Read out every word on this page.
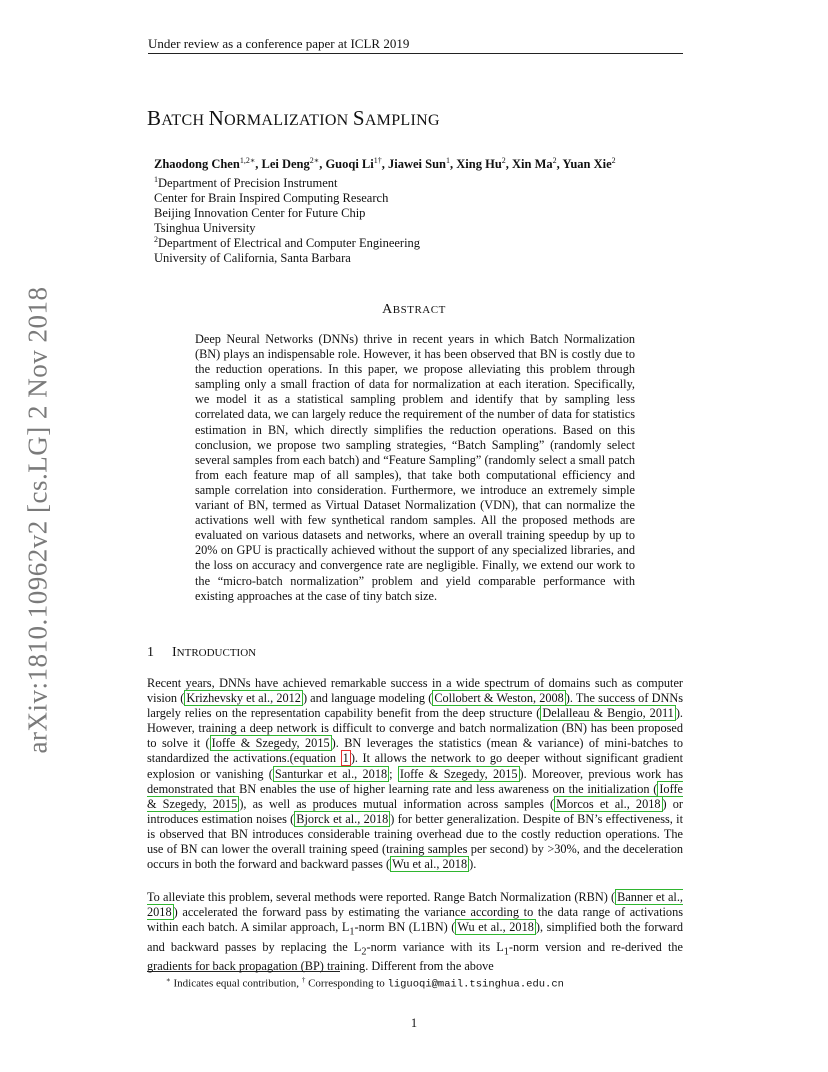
Under review as a conference paper at ICLR 2019
arXiv:1810.10962v2 [cs.LG] 2 Nov 2018
BATCH NORMALIZATION SAMPLING
Zhaodong Chen$^{1,2∗}$, Lei Deng$^{2∗}$, Guoqi $Li^{1\dagger}$, Jiawei Sun$^1$, Xing Hu$^2$, Xin Ma$^2$, Yuan Xie$^2$
$^1$Department of Precision Instrument
Center for Brain Inspired Computing Research
Beijing Innovation Center for Future Chip
Tsinghua University
$^2$Department of Electrical and Computer Engineering
University of California, Santa Barbara
ABSTRACT
Deep Neural Networks (DNNs) thrive in recent years in which Batch Normalization (BN) plays an indispensable role. However, it has been observed that BN is costly due to the reduction operations. In this paper, we propose alleviating this problem through sampling only a small fraction of data for normalization at each iteration. Specifically, we model it as a statistical sampling problem and identify that by sampling less correlated data, we can largely reduce the requirement of the number of data for statistics estimation in BN, which directly simplifies the reduction operations. Based on this conclusion, we propose two sampling strategies, “Batch Sampling” (randomly select several samples from each batch) and “Feature Sampling” (randomly select a small patch from each feature map of all samples), that take both computational efficiency and sample correlation into consideration. Furthermore, we introduce an extremely simple variant of BN, termed as Virtual Dataset Normalization (VDN), that can normalize the activations well with few synthetical random samples. All the proposed methods are evaluated on various datasets and networks, where an overall training speedup by up to 20% on GPU is practically achieved without the support of any specialized libraries, and the loss on accuracy and convergence rate are negligible. Finally, we extend our work to the “micro-batch normalization” problem and yield comparable performance with existing approaches at the case of tiny batch size.
1 INTRODUCTION
Recent years, DNNs have achieved remarkable success in a wide spectrum of domains such as computer vision ( Krizhevsky et al., 2012 ) and language modeling ( Collobert & Weston, 2008 ). The success of DNNs largely relies on the representation capability benefit from the deep structure ( Delalleau & Bengio, 2011 ). However, training a deep network is difficult to converge and batch normalization (BN) has been proposed to solve it ( Ioffe & Szegedy, 2015 ). BN leverages the statistics (mean & variance) of mini-batches to standardized the activations.(equation 1 ). It allows the network to go deeper without significant gradient explosion or vanishing ( Santurkar et al., 2018 ; Ioffe & Szegedy, 2015 ). Moreover, previous work has demonstrated that BN enables the use of higher learning rate and less awareness on the initialization ( Ioffe & Szegedy, 2015 ), as well as produces mutual information across samples ( Morcos et al., 2018 ) or introduces estimation noises ( Bjorck et al., 2018 ) for better generalization. Despite of BN’s effectiveness, it is observed that BN introduces considerable training overhead due to the costly reduction operations. The use of BN can lower the overall training speed (training samples per second) by >30%, and the deceleration occurs in both the forward and backward passes ( Wu et al., 2018 ).
To alleviate this problem, several methods were reported. Range Batch Normalization (RBN) ( Banner et al., 2018 ) accelerated the forward pass by estimating the variance according to the data range of activations within each batch. A similar approach, $L_1$-norm BN (L1BN) ( Wu et al., 2018 ), simplified both the forward and backward passes by replacing the $L_2$-norm variance with its $L_1$-norm version and re-derived the gradients for back propagation (BP) training. Different from the above
∗ Indicates equal contribution, † Corresponding to liguoqi@mail.tsinghua.edu.cn
1
